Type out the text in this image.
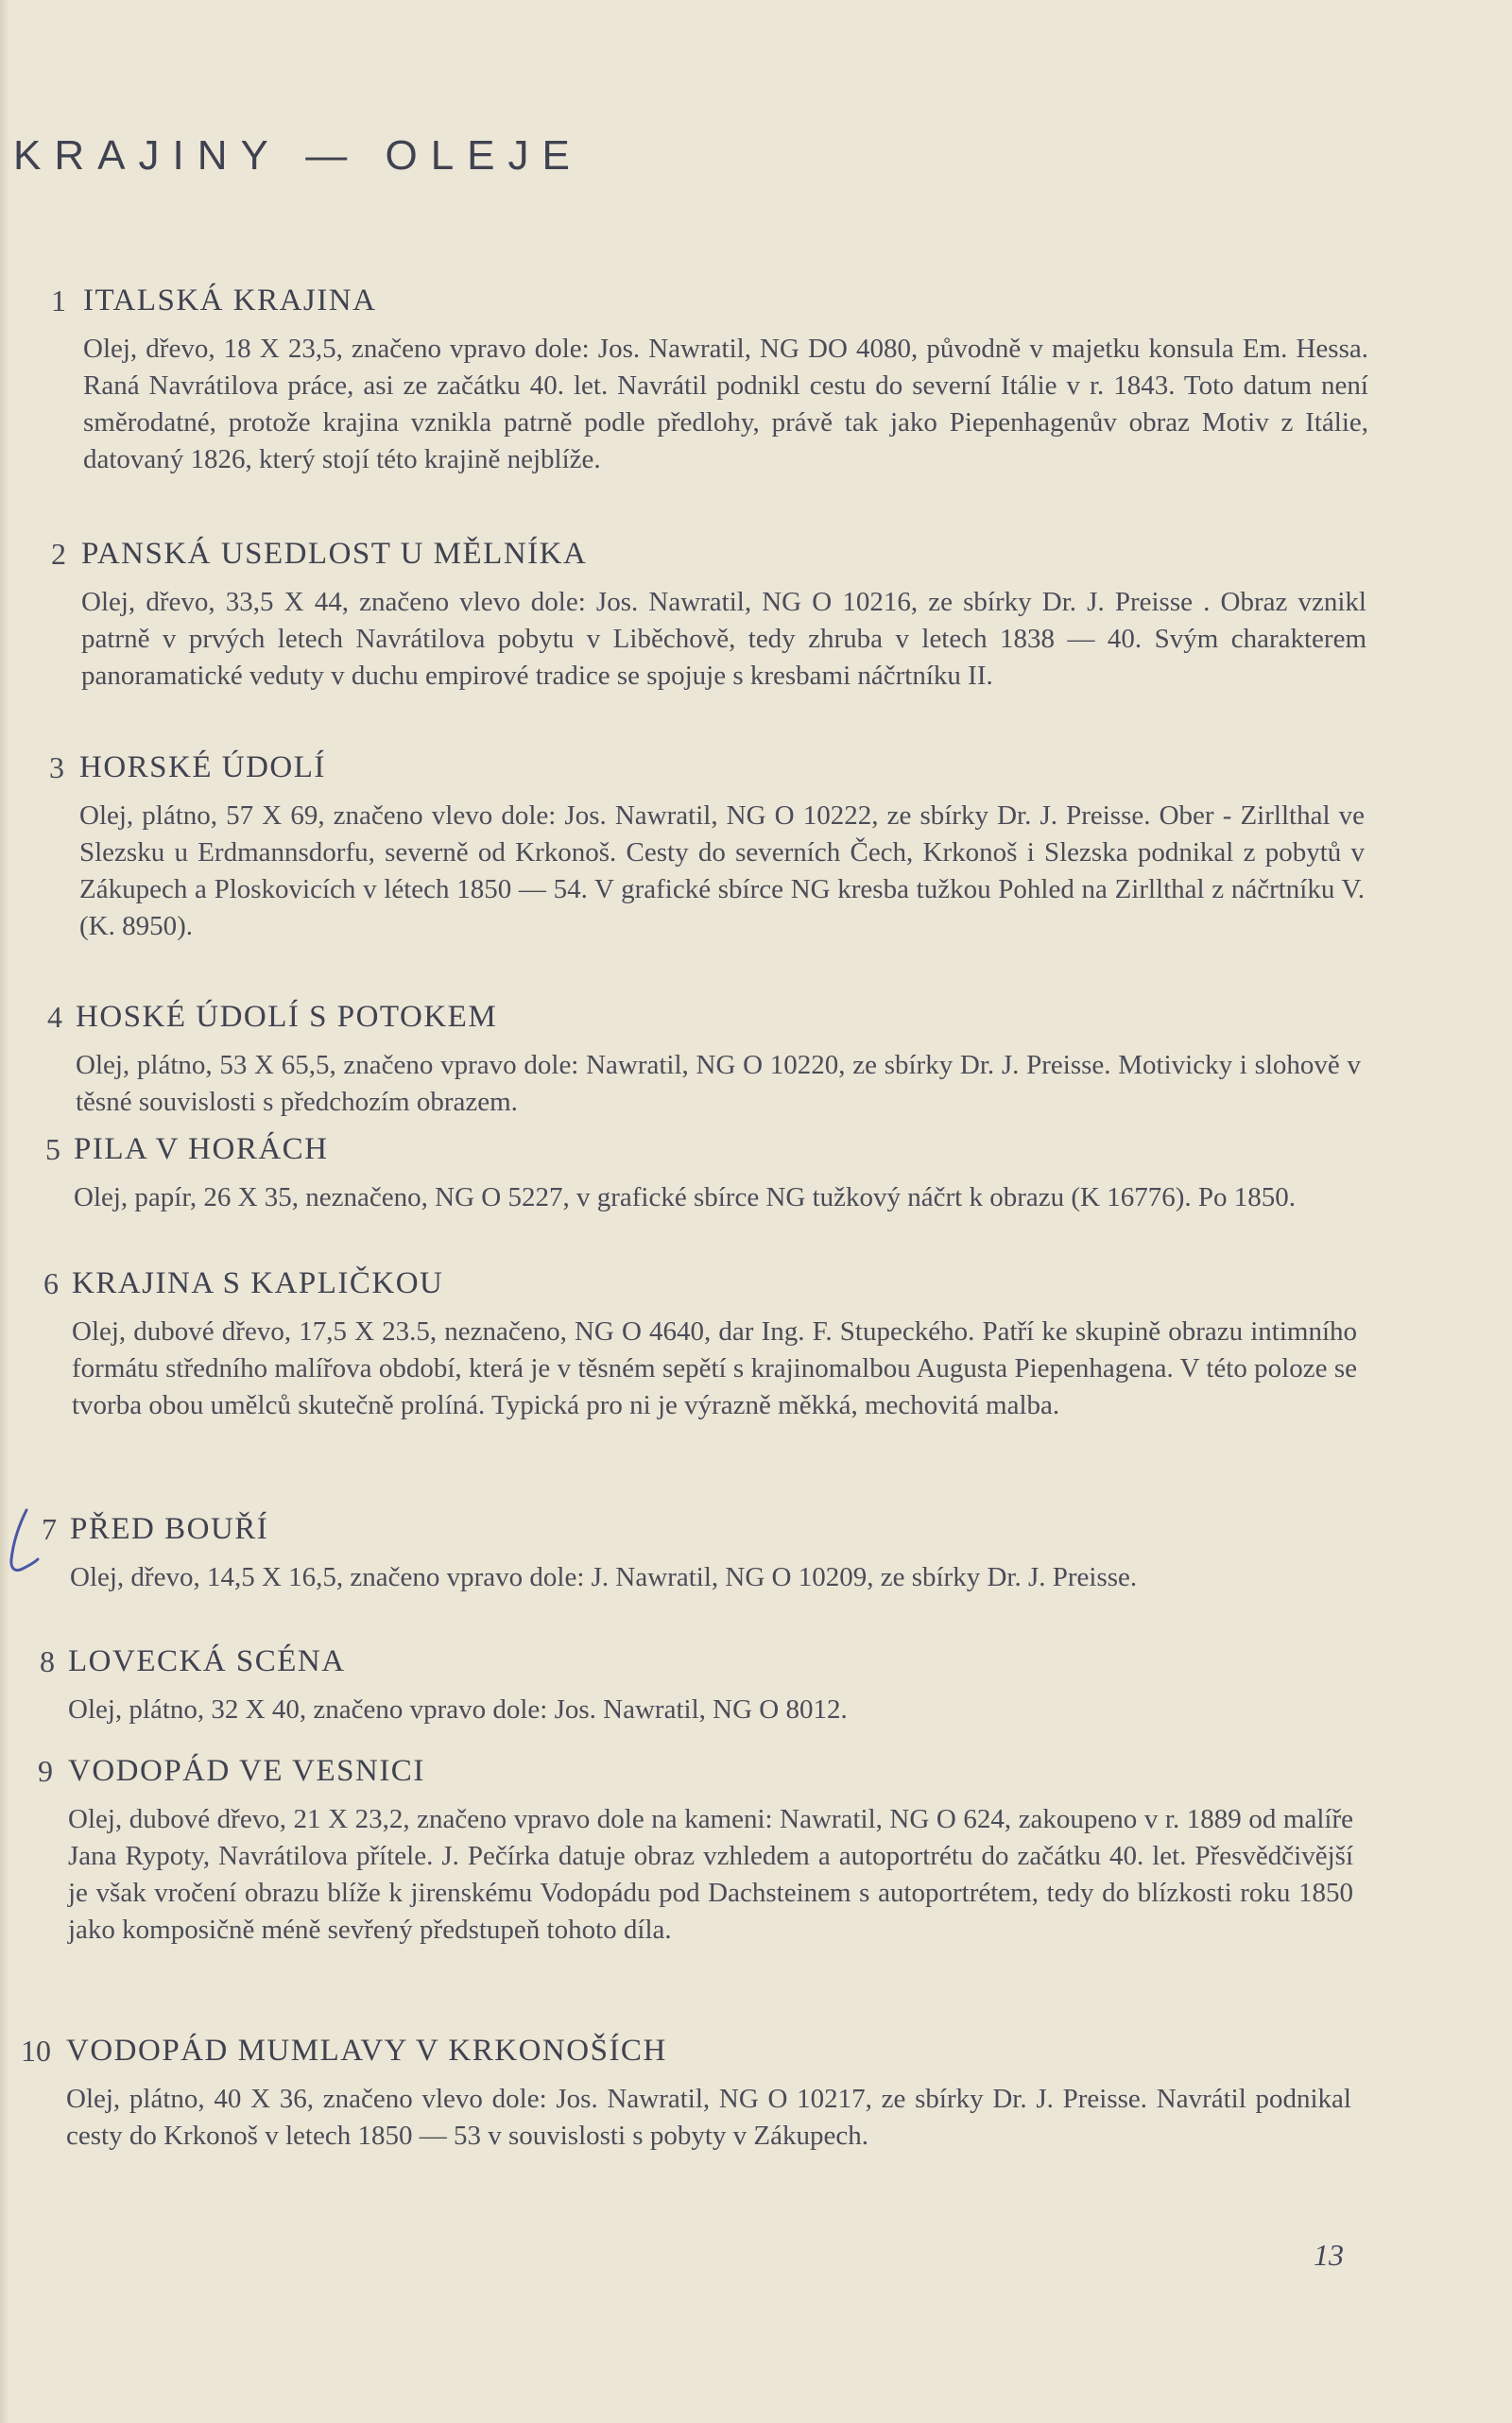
KRAJINY — OLEJE
1 ITALSKÁ KRAJINA

Olej, dřevo, 18 X 23,5, značeno vpravo dole: Jos. Nawratil, NG DO 4080, původně v majetku konsula Em. Hessa. Raná Navrátilova práce, asi ze začátku 40. let. Navrátil podnikl cestu do severní Itálie v r. 1843. Toto datum není směrodatné, protože krajina vznikla patrně podle předlohy, právě tak jako Piepenhagenův obraz Motiv z Itálie, datovaný 1826, který stojí této krajině nejblíže.

2 PANSKÁ USEDLOST U MĚLNÍKA

Olej, dřevo, 33,5 X 44, značeno vlevo dole: Jos. Nawratil, NG O 10216, ze sbírky Dr. J. Preisse . Obraz vznikl patrně v prvých letech Navrátilova pobytu v Liběchově, tedy zhruba v letech 1838 — 40. Svým charakterem panoramatické veduty v duchu empirové tradice se spojuje s kresbami náčrtníku II.

3 HORSKÉ ÚDOLÍ

Olej, plátno, 57 X 69, značeno vlevo dole: Jos. Nawratil, NG O 10222, ze sbírky Dr. J. Preisse. Ober - Zirllthal ve Slezsku u Erdmannsdorfu, severně od Krkonoš. Cesty do severních Čech, Krkonoš i Slezska podnikal z pobytů v Zákupech a Ploskovicích v létech 1850 — 54. V grafické sbírce NG kresba tužkou Pohled na Zirllthal z náčrtníku V. (K. 8950).

4 HOSKÉ ÚDOLÍ S POTOKEM

Olej, plátno, 53 X 65,5, značeno vpravo dole: Nawratil, NG O 10220, ze sbírky Dr. J. Preisse. Motivicky i slohově v těsné souvislosti s předchozím obrazem.

5 PILA V HORÁCH

Olej, papír, 26 X 35, neznačeno, NG O 5227, v grafické sbírce NG tužkový náčrt k obrazu (K 16776). Po 1850.

6 KRAJINA S KAPLIČKOU

Olej, dubové dřevo, 17,5 X 23.5, neznačeno, NG O 4640, dar Ing. F. Stupeckého. Patří ke skupině obrazu intimního formátu středního malířova období, která je v těsném sepětí s krajinomalbou Augusta Piepenhagena. V této poloze se tvorba obou umělců skutečně prolíná. Typická pro ni je výrazně měkká, mechovitá malba.

7 PŘED BOUŘÍ

Olej, dřevo, 14,5 X 16,5, značeno vpravo dole: J. Nawratil, NG O 10209, ze sbírky Dr. J. Preisse.

8 LOVECKÁ SCÉNA

Olej, plátno, 32 X 40, značeno vpravo dole: Jos. Nawratil, NG O 8012.

9 VODOPÁD VE VESNICI

Olej, dubové dřevo, 21 X 23,2, značeno vpravo dole na kameni: Nawratil, NG O 624, zakoupeno v r. 1889 od malíře Jana Rypoty, Navrátilova přítele. J. Pečírka datuje obraz vzhledem a autoportrétu do začátku 40. let. Přesvědčivější je však vročení obrazu blíže k jirenskému Vodopádu pod Dachsteinem s autoportrétem, tedy do blízkosti roku 1850 jako komposičně méně sevřený předstupeň tohoto díla.

10 VODOPÁD MUMLAVY V KRKONOŠÍCH

Olej, plátno, 40 X 36, značeno vlevo dole: Jos. Nawratil, NG O 10217, ze sbírky Dr. J. Preisse. Navrátil podnikal cesty do Krkonoš v letech 1850 — 53 v souvislosti s pobyty v Zákupech.

13
